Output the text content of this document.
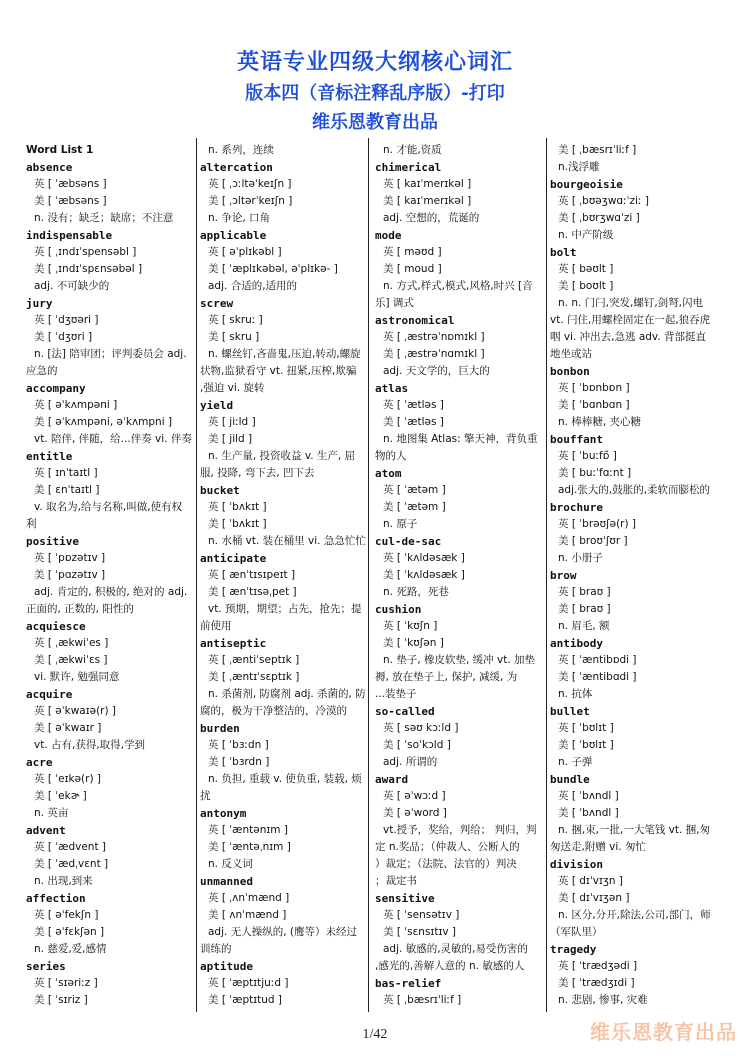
英语专业四级大纲核心词汇
版本四（音标注释乱序版）-打印
维乐恩教育出品
Word List 1
absence
英 [ ˈæbsəns ]
美 [ ˈæbsəns ]
n. 没有；缺乏；缺席；不注意
indispensable
英 [ ˌɪndɪˈspensəbl ]
美 [ ˌɪndɪˈspɛnsəbəl ]
adj. 不可缺少的
jury
英 [ ˈdʒʊəri ]
美 [ ˈdʒʊri ]
n. [法] 陪审团；评判委员会 adj.
应急的
accompany
英 [ əˈkʌmpəni ]
美 [ əˈkʌmpəni, əˈkʌmpni ]
vt. 陪伴, 伴随，给...伴奏 vi. 伴奏
entitle
英 [ ɪnˈtaɪtl ]
美 [ ɛnˈtaɪtl ]
v. 取名为,给与名称,叫做,使有权
利
positive
英 [ ˈpɒzətɪv ]
美 [ ˈpɑzətɪv ]
adj. 肯定的, 积极的, 绝对的 adj.
正面的, 正数的, 阳性的
acquiesce
英 [ ˌækwiˈes ]
美 [ ˌækwiˈɛs ]
vi. 默许, 勉强同意
acquire
英 [ əˈkwaɪə(r) ]
美 [ əˈkwaɪr ]
vt. 占有,获得,取得,学到
acre
英 [ ˈeɪkə(r) ]
美 [ ˈekɚ ]
n. 英亩
advent
英 [ ˈædvent ]
美 [ ˈædˌvɛnt ]
n. 出现,到来
affection
英 [ əˈfekʃn ]
美 [ əˈfɛkʃən ]
n. 慈爱,爱,感情
series
英 [ ˈsɪəriːz ]
美 [ ˈsɪriz ]
n. 系列，连续
altercation
英 [ ˌɔːltəˈkeɪʃn ]
美 [ ˌɔltərˈkeɪʃn ]
n. 争论, 口角
applicable
英 [ əˈplɪkəbl ]
美 [ ˈæplɪkəbəl, əˈplɪkə- ]
adj. 合适的,适用的
screw
英 [ skruː ]
美 [ skru ]
n. 螺丝钉,吝啬鬼,压迫,转动,螺旋
状物,监狱看守 vt. 扭紧,压榨,欺骗
,强迫 vi. 旋转
yield
英 [ jiːld ]
美 [ jild ]
n. 生产量, 投资收益 v. 生产, 屈
服, 投降, 弯下去, 凹下去
bucket
英 [ ˈbʌkɪt ]
美 [ ˈbʌkɪt ]
n. 水桶 vt. 装在桶里 vi. 急急忙忙
anticipate
英 [ ænˈtɪsɪpeɪt ]
美 [ ænˈtɪsəˌpet ]
vt. 预期，期望；占先，抢先；提
前使用
antiseptic
英 [ ˌæntiˈseptɪk ]
美 [ ˌæntɪˈsɛptɪk ]
n. 杀菌剂, 防腐剂 adj. 杀菌的, 防
腐的，极为干净整洁的，冷漠的
burden
英 [ ˈbɜːdn ]
美 [ ˈbɜrdn ]
n. 负担, 重载 v. 使负重, 装载, 烦
扰
antonym
英 [ ˈæntənɪm ]
美 [ ˈæntəˌnɪm ]
n. 反义词
unmanned
英 [ ˌʌnˈmænd ]
美 [ ʌnˈmænd ]
adj. 无人操纵的, (鹰等）未经过
训练的
aptitude
英 [ ˈæptɪtjuːd ]
美 [ ˈæptɪtud ]
n. 才能,资质
chimerical
英 [ kaɪˈmerɪkəl ]
美 [ kaɪˈmerɪkəl ]
adj. 空想的，荒诞的
mode
英 [ məʊd ]
美 [ moud ]
n. 方式,样式,模式,风格,时兴 [音
乐] 调式
astronomical
英 [ ˌæstrəˈnɒmɪkl ]
美 [ ˌæstrəˈnɑmɪkl ]
adj. 天文学的，巨大的
atlas
英 [ ˈætləs ]
美 [ ˈætləs ]
n. 地图集 Atlas: 擎天神，背负重
物的人
atom
英 [ ˈætəm ]
美 [ ˈætəm ]
n. 原子
cul-de-sac
英 [ ˈkʌldəsæk ]
美 [ ˈkʌldəsæk ]
n. 死路，死巷
cushion
英 [ ˈkʊʃn ]
美 [ ˈkʊʃən ]
n. 垫子, 橡皮软垫, 缓冲 vt. 加垫
褥, 放在垫子上, 保护, 减缓, 为
...装垫子
so-called
英 [ səʊ kɔːld ]
美 [ ˈsoˈkɔld ]
adj. 所谓的
award
英 [ əˈwɔːd ]
美 [ əˈword ]
vt.授予，奖给，判给； 判归，判
定 n.奖品；（仲裁人、公断人的
）裁定；（法院、法官的）判决
；裁定书
sensitive
英 [ ˈsensətɪv ]
美 [ ˈsɛnsɪtɪv ]
adj. 敏感的,灵敏的,易受伤害的
,感光的,善解人意的 n. 敏感的人
bas-relief
英 [ ˌbæsrɪˈliːf ]
美 [ ˌbæsrɪˈliːf ]
n.浅浮雕
bourgeoisie
英 [ ˌbʊəʒwɑːˈziː ]
美 [ ˌbʊrʒwɑˈzi ]
n. 中产阶级
bolt
英 [ bəʊlt ]
美 [ boʊlt ]
n. n. 门闩,突发,螺钉,剑弩,闪电
vt. 闩住,用螺栓固定在一起,狼吞虎
咽 vi. 冲出去,急逃 adv. 背部挺直
地坐或站
bonbon
英 [ ˈbɒnbɒn ]
美 [ ˈbɑnbɑn ]
n. 棒棒糖, 夹心糖
bouffant
英 [ ˈbuːfɒ̃ ]
美 [ buːˈfɑːnt ]
adj.张大的,鼓胀的,柔软而膨松的
brochure
英 [ ˈbrəʊʃə(r) ]
美 [ broʊˈʃʊr ]
n. 小册子
brow
英 [ braʊ ]
美 [ braʊ ]
n. 眉毛, 额
antibody
英 [ ˈæntibɒdi ]
美 [ ˈæntibɑdi ]
n. 抗体
bullet
英 [ ˈbʊlɪt ]
美 [ ˈbʊlɪt ]
n. 子弹
bundle
英 [ ˈbʌndl ]
美 [ ˈbʌndl ]
n. 捆,束,一批,一大笔钱 vt. 捆,匆
匆送走,附赠 vi. 匆忙
division
英 [ dɪˈvɪʒn ]
美 [ dɪˈvɪʒən ]
n. 区分,分开,除法,公司,部门，师
（军队里）
tragedy
英 [ ˈtrædʒədi ]
美 [ ˈtrædʒɪdi ]
n. 悲剧, 惨事, 灾难
1/42	维乐恩教育出品
